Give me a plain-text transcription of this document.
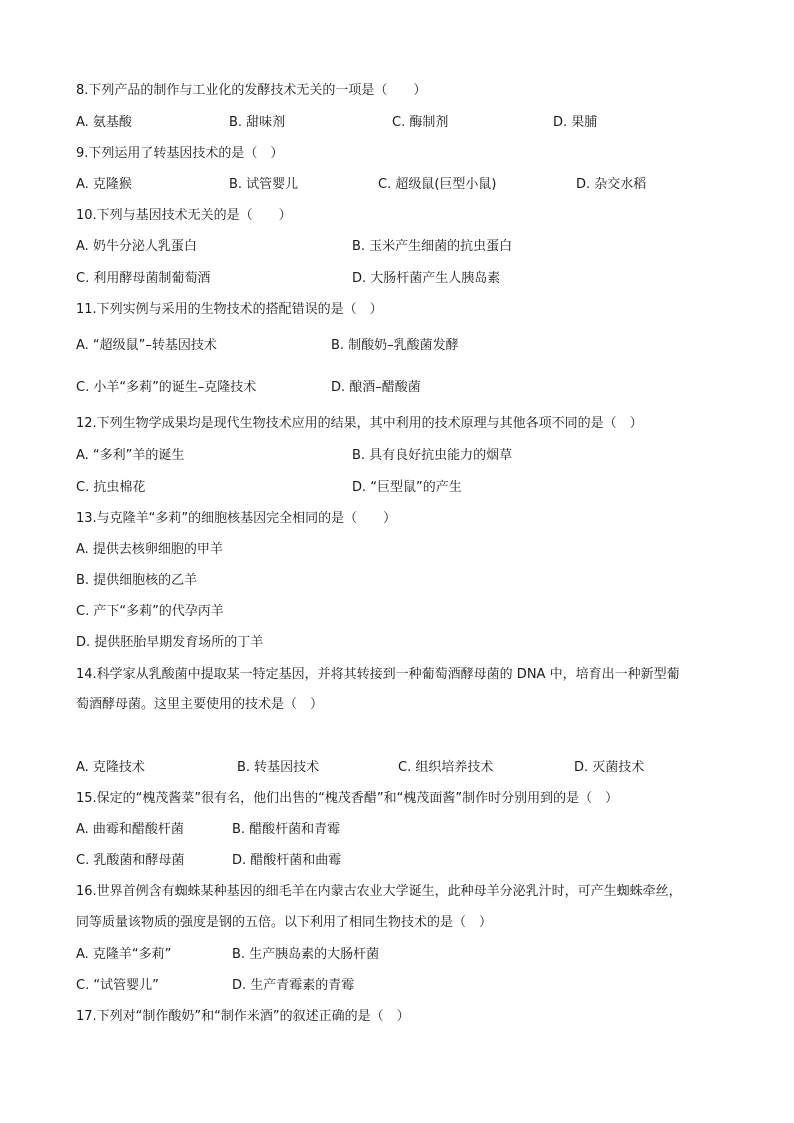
8.下列产品的制作与工业化的发酵技术无关的一项是（　　）
A. 氨基酸	B. 甜味剂	C. 酶制剂	D. 果脯
9.下列运用了转基因技术的是（　）
A. 克隆猴	B. 试管婴儿	C. 超级鼠(巨型小鼠)	D. 杂交水稻
10.下列与基因技术无关的是（　　）
A. 奶牛分泌人乳蛋白	B. 玉米产生细菌的抗虫蛋白
C. 利用酵母菌制葡萄酒	D. 大肠杆菌产生人胰岛素
11.下列实例与采用的生物技术的搭配错误的是（　）
A. “超级鼠”–转基因技术	B. 制酸奶–乳酸菌发酵
C. 小羊“多莉”的诞生–克隆技术	D. 酿酒–醋酸菌
12.下列生物学成果均是现代生物技术应用的结果，其中利用的技术原理与其他各项不同的是（　）
A. “多利”羊的诞生	B. 具有良好抗虫能力的烟草
C. 抗虫棉花	D. “巨型鼠”的产生
13.与克隆羊“多莉”的细胞核基因完全相同的是（　　）
A. 提供去核卵细胞的甲羊
B. 提供细胞核的乙羊
C. 产下“多莉”的代孕丙羊
D. 提供胚胎早期发育场所的丁羊
14.科学家从乳酸菌中提取某一特定基因，并将其转接到一种葡萄酒酵母菌的 DNA 中，培育出一种新型葡
萄酒酵母菌。这里主要使用的技术是（　）
A. 克隆技术	B. 转基因技术	C. 组织培养技术	D. 灭菌技术
15.保定的“槐茂酱菜”很有名，他们出售的“槐茂香醋”和“槐茂面酱”制作时分别用到的是（　）
A. 曲霉和醋酸杆菌	B. 醋酸杆菌和青霉
C. 乳酸菌和酵母菌	D. 醋酸杆菌和曲霉
16.世界首例含有蜘蛛某种基因的细毛羊在内蒙古农业大学诞生，此种母羊分泌乳汁时，可产生蜘蛛牵丝，
同等质量该物质的强度是钢的五倍。以下利用了相同生物技术的是（　）
A. 克隆羊“多莉”	B. 生产胰岛素的大肠杆菌
C. “试管婴儿”	D. 生产青霉素的青霉
17.下列对“制作酸奶”和“制作米酒”的叙述正确的是（　）
